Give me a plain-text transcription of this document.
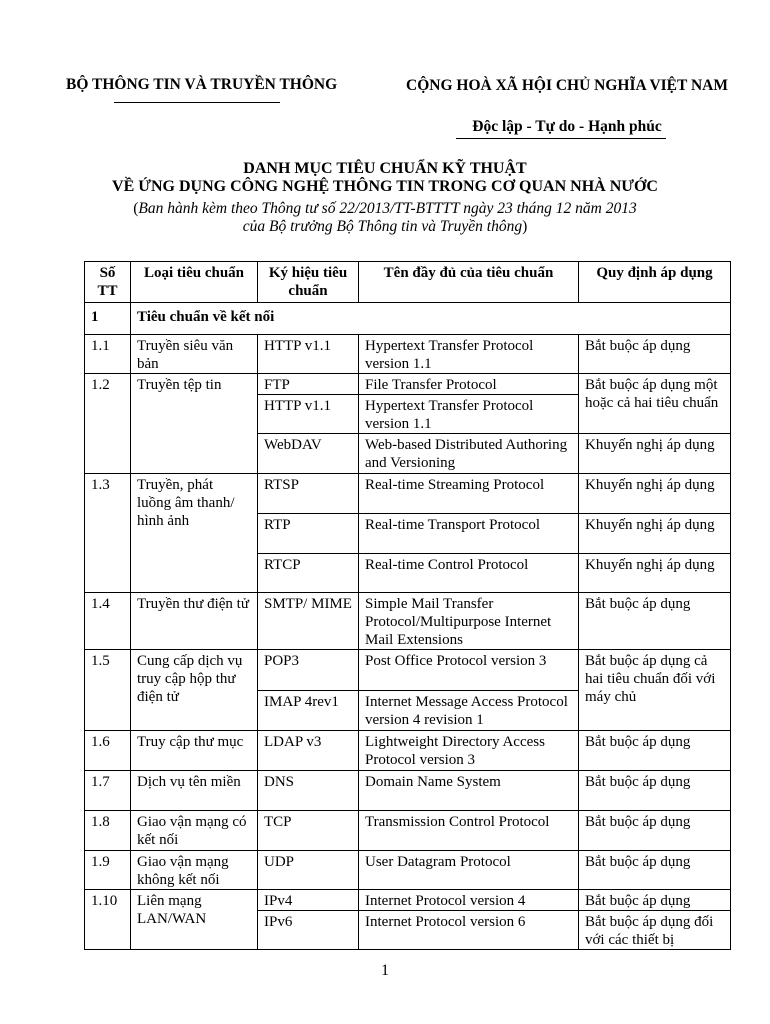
BỘ THÔNG TIN VÀ TRUYỀN THÔNG	CỘNG HOÀ XÃ HỘI CHỦ NGHĨA VIỆT NAM
Độc lập - Tự do - Hạnh phúc
DANH MỤC TIÊU CHUẨN KỸ THUẬT
VỀ ỨNG DỤNG CÔNG NGHỆ THÔNG TIN TRONG CƠ QUAN NHÀ NƯỚC
(Ban hành kèm theo Thông tư số 22/2013/TT-BTTTT ngày 23 tháng 12 năm 2013
của Bộ trưởng Bộ Thông tin và Truyền thông)
Số TT	Loại tiêu chuẩn	Ký hiệu tiêu chuẩn	Tên đầy đủ của tiêu chuẩn	Quy định áp dụng
1	Tiêu chuẩn về kết nối			
1.1	Truyền siêu văn bản	HTTP v1.1	Hypertext Transfer Protocol version 1.1	Bắt buộc áp dụng
1.2	Truyền tệp tin	FTP	File Transfer Protocol	Bắt buộc áp dụng một hoặc cả hai tiêu chuẩn
		HTTP v1.1	Hypertext Transfer Protocol version 1.1	
		WebDAV	Web-based Distributed Authoring and Versioning	Khuyến nghị áp dụng
1.3	Truyền, phát luồng âm thanh/ hình ảnh	RTSP	Real-time Streaming Protocol	Khuyến nghị áp dụng
		RTP	Real-time Transport Protocol	Khuyến nghị áp dụng
		RTCP	Real-time Control Protocol	Khuyến nghị áp dụng
1.4	Truyền thư điện tử	SMTP/ MIME	Simple Mail Transfer Protocol/Multipurpose Internet Mail Extensions	Bắt buộc áp dụng
1.5	Cung cấp dịch vụ truy cập hộp thư điện tử	POP3	Post Office Protocol version 3	Bắt buộc áp dụng cả hai tiêu chuẩn đối với máy chủ
		IMAP 4rev1	Internet Message Access Protocol version 4 revision 1	
1.6	Truy cập thư mục	LDAP v3	Lightweight Directory Access Protocol version 3	Bắt buộc áp dụng
1.7	Dịch vụ tên miền	DNS	Domain Name System	Bắt buộc áp dụng
1.8	Giao vận mạng có kết nối	TCP	Transmission Control Protocol	Bắt buộc áp dụng
1.9	Giao vận mạng không kết nối	UDP	User Datagram Protocol	Bắt buộc áp dụng
1.10	Liên mạng LAN/WAN	IPv4	Internet Protocol version 4	Bắt buộc áp dụng
		IPv6	Internet Protocol version 6	Bắt buộc áp dụng đối với các thiết bị
1
